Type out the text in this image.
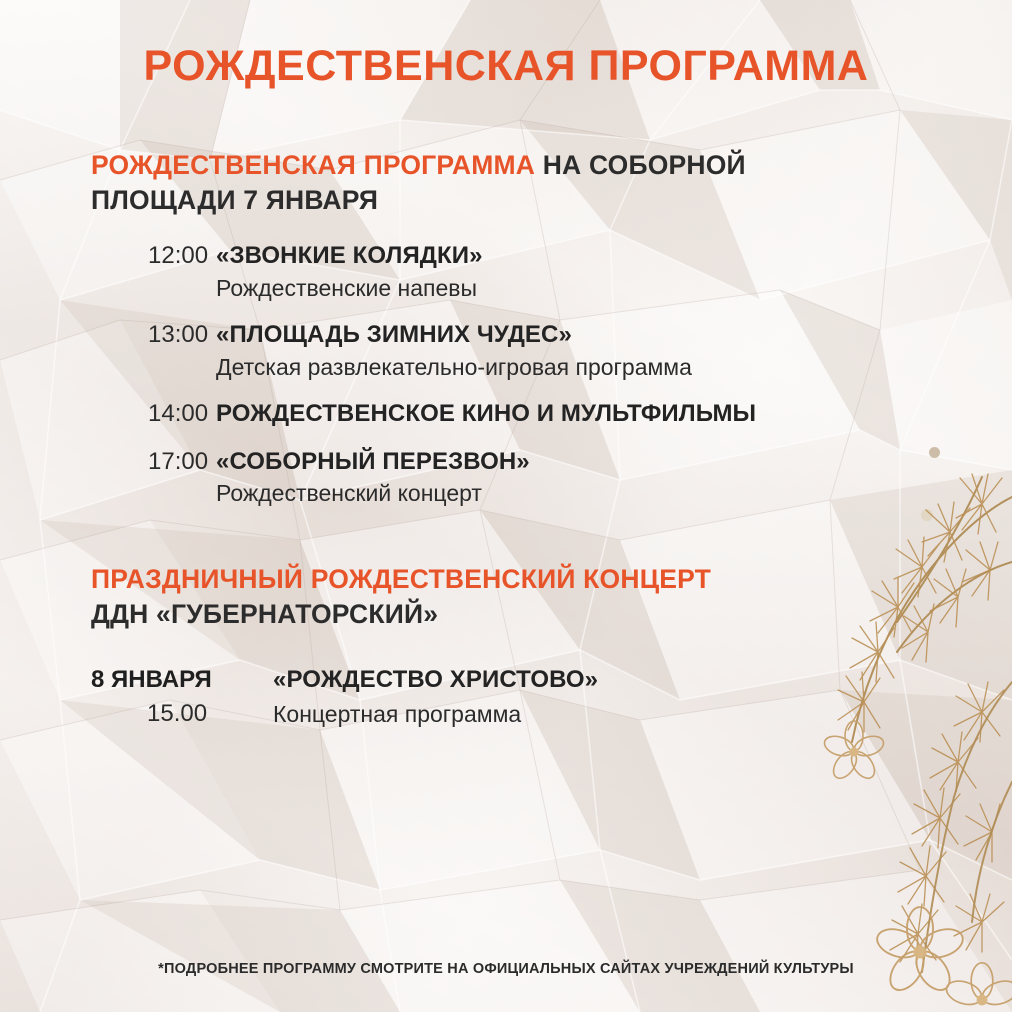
РОЖДЕСТВЕНСКАЯ ПРОГРАММА
РОЖДЕСТВЕНСКАЯ ПРОГРАММА НА СОБОРНОЙ
ПЛОЩАДИ 7 ЯНВАРЯ
12:00 «ЗВОНКИЕ КОЛЯДКИ»
Рождественские напевы
13:00 «ПЛОЩАДЬ ЗИМНИХ ЧУДЕС»
Детская развлекательно-игровая программа
14:00 РОЖДЕСТВЕНСКОЕ КИНО И МУЛЬТФИЛЬМЫ
17:00 «СОБОРНЫЙ ПЕРЕЗВОН»
Рождественский концерт
ПРАЗДНИЧНЫЙ РОЖДЕСТВЕНСКИЙ КОНЦЕРТ
ДДН «ГУБЕРНАТОРСКИЙ»
8 ЯНВАРЯ	«РОЖДЕСТВО ХРИСТОВО»
15.00	Концертная программа
*ПОДРОБНЕЕ ПРОГРАММУ СМОТРИТЕ НА ОФИЦИАЛЬНЫХ САЙТАХ УЧРЕЖДЕНИЙ КУЛЬТУРЫ
